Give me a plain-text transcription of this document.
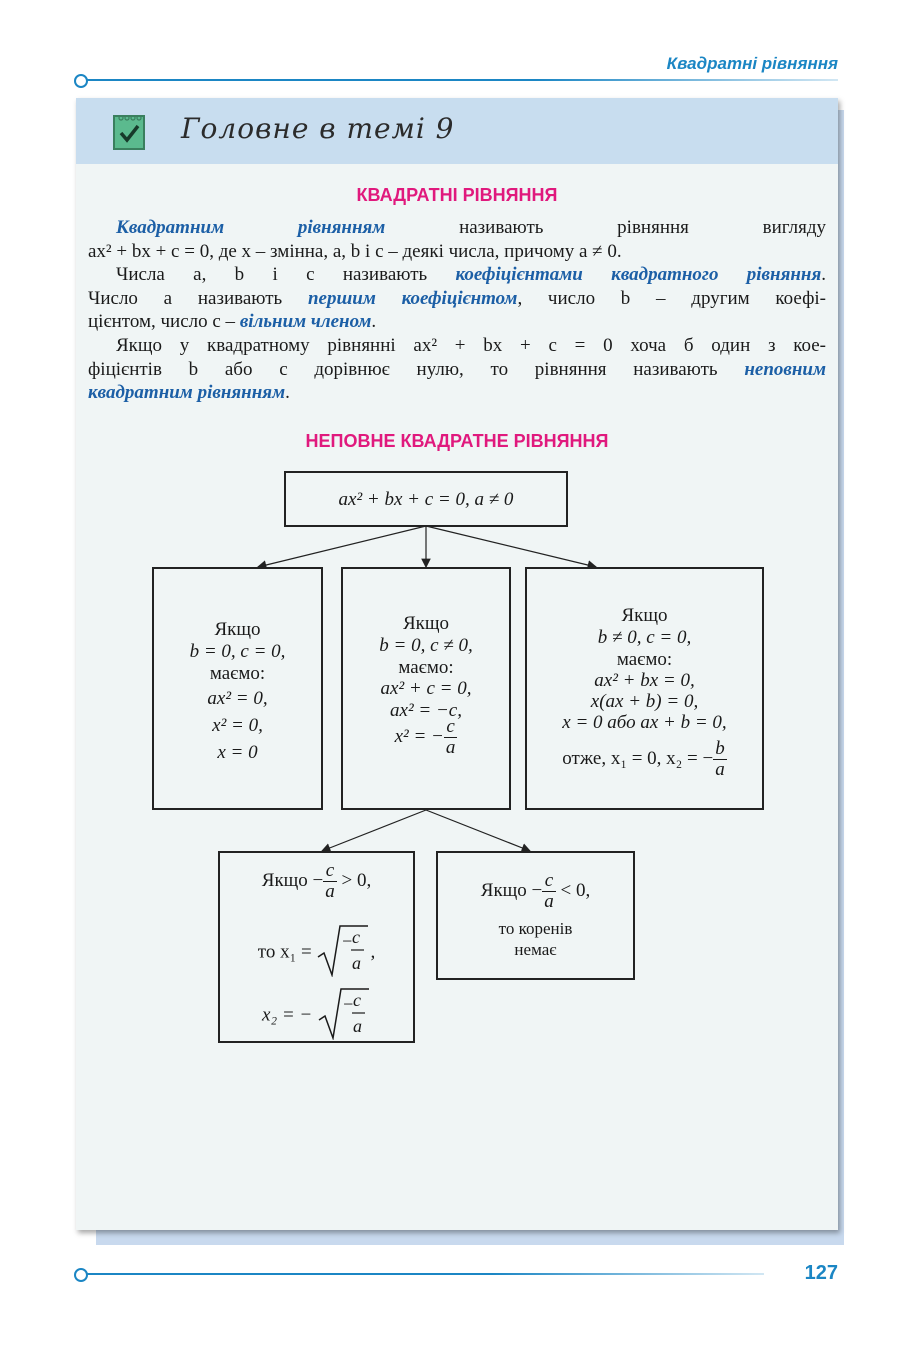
Квадратні рівняння
Головне в темі 9
КВАДРАТНІ РІВНЯННЯ
Квадратним рівнянням	називають рівняння вигляду
ax² + bx + c = 0, де x – змінна, a, b і c – деякі числа, причому a ≠ 0.
Числа a, b і c називають коефіцієнтами квадратного рівняння.
Число a називають першим коефіцієнтом, число b – другим коефі-
цієнтом, число c – вільним членом.
Якщо у квадратному рівнянні ax² + bx + c = 0 хоча б один з кое-
фіцієнтів b або c дорівнює нулю, то рівняння називають неповним
квадратним рівнянням.
НЕПОВНЕ КВАДРАТНЕ РІВНЯННЯ
ax² + bx + c = 0, a ≠ 0
Якщо
b = 0, c = 0,
маємо:
ax² = 0,
x² = 0,
x = 0
Якщо
b = 0, c ≠ 0,
маємо:
ax² + c = 0,
ax² = −c,
x² = − $\frac{c}{a}$
Якщо
b ≠ 0, c = 0,
маємо:
ax² + bx = 0,
x(ax + b) = 0,
x = 0 або ax + b = 0,
отже, x₁ = 0, x₂ = − $\frac{b}{a}$
Якщо − $\frac{c}{a} > 0$,
то x₁ =
−
c
a
,
x₂ = −
−
c
a
Якщо − $\frac{c}{a} < 0$,
то коренів
немає
127
